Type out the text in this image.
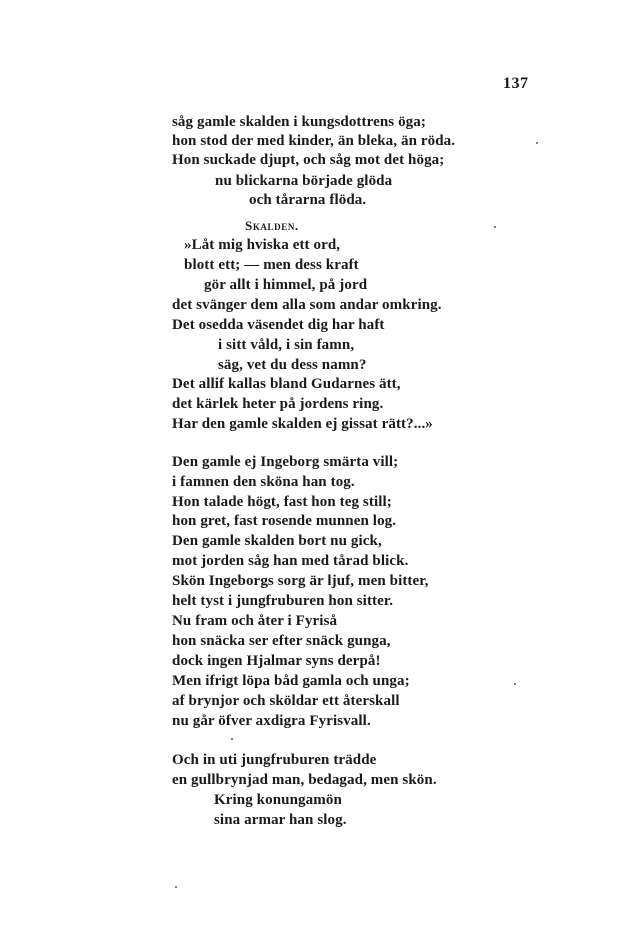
137
såg gamle skalden i kungsdottrens öga;
hon stod der med kinder, än bleka, än röda.
Hon suckade djupt, och såg mot det höga;
nu blickarna började glöda
och tårarna flöda.
Skalden.
»Låt mig hviska ett ord,
blott ett; — men dess kraft
gör allt i himmel, på jord
det svänger dem alla som andar omkring.
Det osedda väsendet dig har haft
i sitt våld, i sin famn,
säg, vet du dess namn?
Det allif kallas bland Gudarnes ätt,
det kärlek heter på jordens ring.
Har den gamle skalden ej gissat rätt?...»
Den gamle ej Ingeborg smärta vill;
i famnen den sköna han tog.
Hon talade högt, fast hon teg still;
hon gret, fast rosende munnen log.
Den gamle skalden bort nu gick,
mot jorden såg han med tårad blick.
Skön Ingeborgs sorg är ljuf, men bitter,
helt tyst i jungfruburen hon sitter.
Nu fram och åter i Fyriså
hon snäcka ser efter snäck gunga,
dock ingen Hjalmar syns derpå!
Men ifrigt löpa båd gamla och unga;
af brynjor och sköldar ett återskall
nu går öfver axdigra Fyrisvall.
Och in uti jungfruburen trädde
en gullbrynjad man, bedagad, men skön.
Kring konungamön
sina armar han slog.
